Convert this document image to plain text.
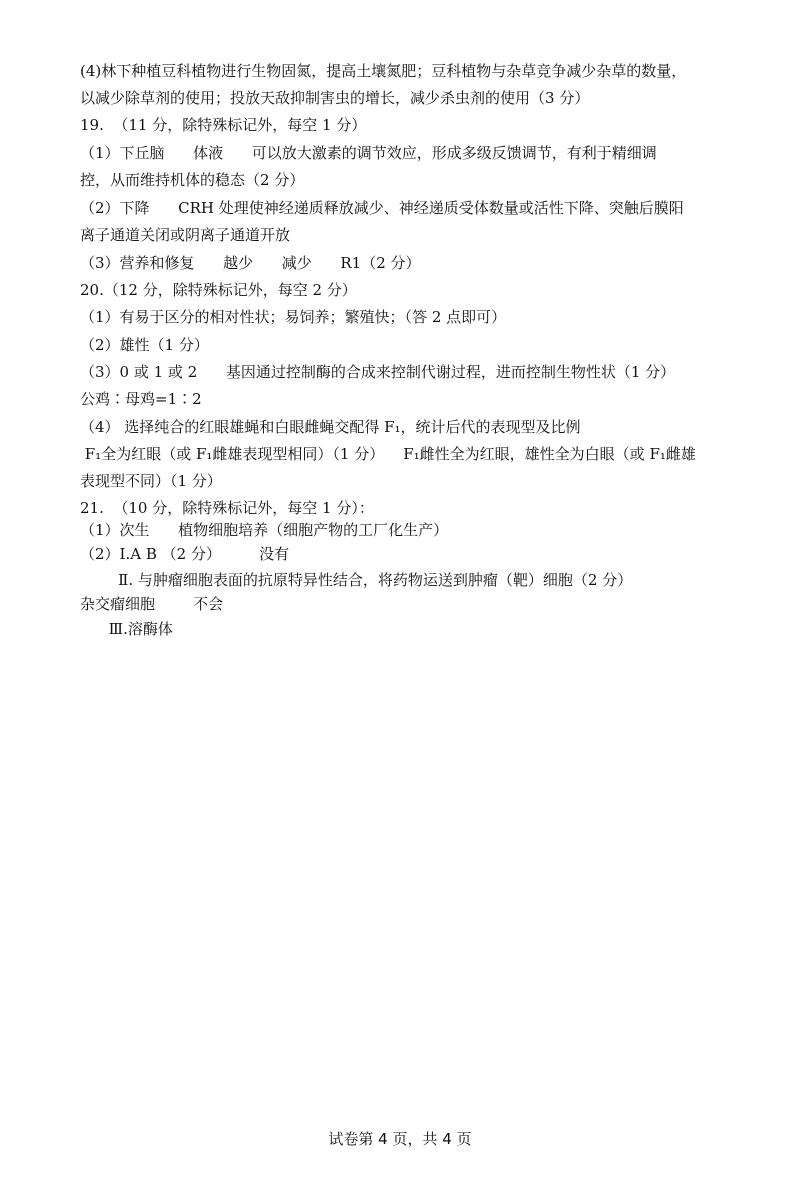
(4)林下种植豆科植物进行生物固氮，提高土壤氮肥；豆科植物与杂草竞争减少杂草的数量，
以减少除草剂的使用；投放天敌抑制害虫的增长，减少杀虫剂的使用（3 分）
19.  （11 分，除特殊标记外，每空 1 分）
（1）下丘脑      体液      可以放大激素的调节效应，形成多级反馈调节，有利于精细调
控，从而维持机体的稳态（2 分）
（2）下降      CRH 处理使神经递质释放减少、神经递质受体数量或活性下降、突触后膜阳
离子通道关闭或阴离子通道开放
（3）营养和修复      越少      减少      R1（2 分）
20.（12 分，除特殊标记外，每空 2 分）
（1）有易于区分的相对性状；易饲养；繁殖快；（答 2 点即可）
（2）雄性（1 分）
（3）0 或 1 或 2      基因通过控制酶的合成来控制代谢过程，进而控制生物性状（1 分）
公鸡∶母鸡=1∶2
（4） 选择纯合的红眼雄蝇和白眼雌蝇交配得 F₁，统计后代的表现型及比例
F₁全为红眼（或 F₁雌雄表现型相同）（1 分）    F₁雌性全为红眼，雄性全为白眼（或 F₁雌雄
表现型不同）（1 分）
21.  （10 分，除特殊标记外，每空 1 分）：
（1）次生      植物细胞培养（细胞产物的工厂化生产）
（2）Ⅰ.A B （2 分）        没有
Ⅱ. 与肿瘤细胞表面的抗原特异性结合，将药物运送到肿瘤（靶）细胞（2 分）
杂交瘤细胞        不会
Ⅲ.溶酶体
试卷第 4 页，共 4 页
